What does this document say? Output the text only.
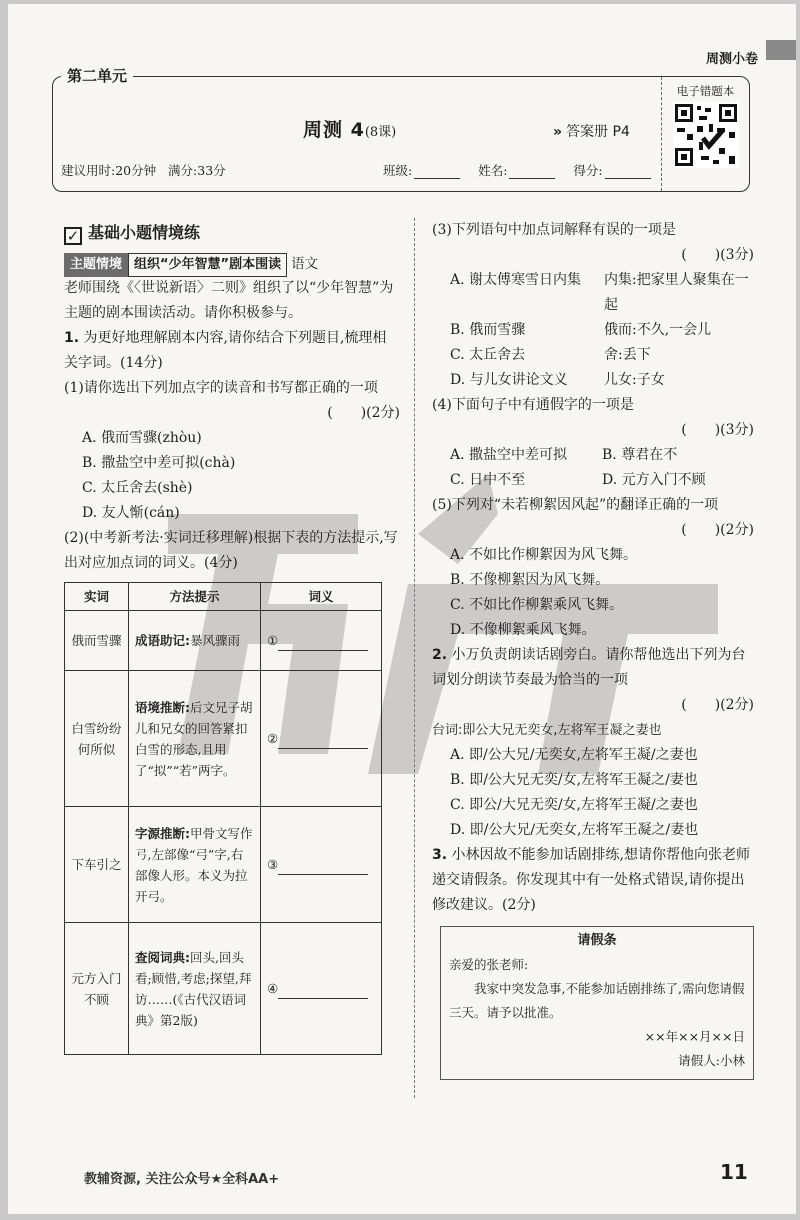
周测小卷
第二单元
周测 4(8课)	» 答案册 P4
建议用时:20分钟 满分:33分	班级:	姓名:	得分:
电子错题本
✓ 基础小题情境练
主题情境 组织“少年智慧”剧本围读 语文

老师围绕《〈世说新语〉二则》组织了以“少年智慧”为主题的剧本围读活动。请你积极参与。

1. 为更好地理解剧本内容,请你结合下列题目,梳理相关字词。(14分)

(1)请你选出下列加点字的读音和书写都正确的一项

(　　)(2分)

A. 俄而雪骤(zhòu)

B. 撒盐空中差可拟(chà)

C. 太丘舍去(shè)

D. 友人惭(cán)

(2)(中考新考法·实词迁移理解)根据下表的方法提示,写出对应加点词的词义。(4分)

实词	方法提示	词义
俄而雪骤	成语助记:暴风骤雨	①
白雪纷纷何所似	语境推断:后文兄子胡儿和兄女的回答紧扣白雪的形态,且用了“拟”“若”两字。	②
下车引之	字源推断:甲骨文写作𢎗,左部像“弓”字,右部像人形。本义为拉开弓。	③
元方入门不顾	查阅词典:回头,回头看;顾惜,考虑;探望,拜访……(《古代汉语词典》第2版)	④

(3)下列语句中加点词解释有误的一项是

(　　)(3分)

A. 谢太傅寒雪日内集 内集:把家里人聚集在一起
B. 俄而雪骤	俄而:不久,一会儿
C. 太丘舍去	舍:丢下
D. 与儿女讲论文义	儿女:子女

(4)下面句子中有通假字的一项是

(　　)(3分)

A. 撒盐空中差可拟	B. 尊君在不
C. 日中不至	D. 元方入门不顾

(5)下列对“未若柳絮因风起”的翻译正确的一项

(　　)(2分)

A. 不如比作柳絮因为风飞舞。

B. 不像柳絮因为风飞舞。

C. 不如比作柳絮乘风飞舞。

D. 不像柳絮乘风飞舞。

2. 小万负责朗读话剧旁白。请你帮他选出下列为台词划分朗读节奏最为恰当的一项

(　　)(2分)

台词:即公大兄无奕女,左将军王凝之妻也

A. 即/公大兄/无奕女,左将军王凝/之妻也

B. 即/公大兄无奕/女,左将军王凝之/妻也

C. 即公/大兄无奕/女,左将军王凝/之妻也

D. 即/公大兄/无奕女,左将军王凝之/妻也

3. 小林因故不能参加话剧排练,想请你帮他向张老师递交请假条。你发现其中有一处格式错误,请你提出修改建议。(2分)

请假条
亲爱的张老师:
我家中突发急事,不能参加话剧排练了,需向您请假三天。请予以批准。
××年××月××日
请假人:小林
教辅资源, 关注公众号★全科AA+	11
